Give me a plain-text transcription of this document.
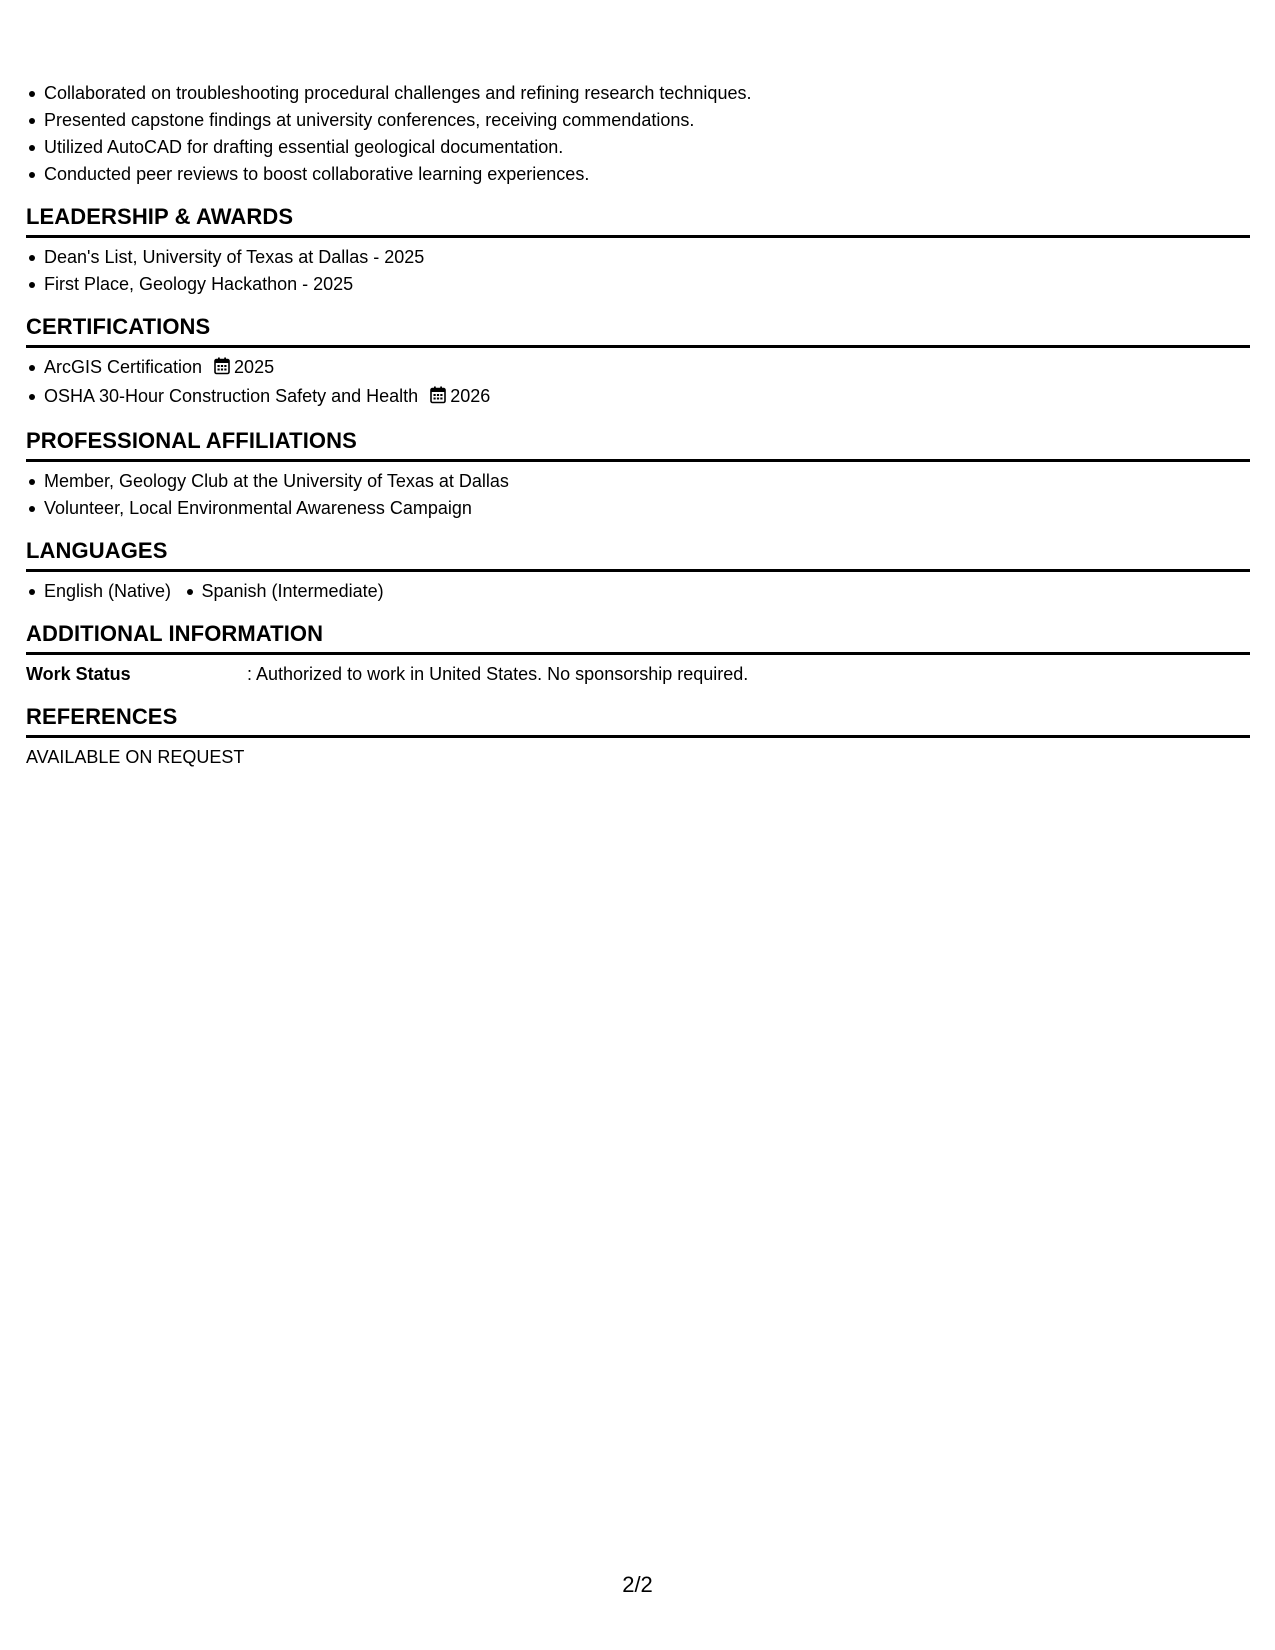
Collaborated on troubleshooting procedural challenges and refining research techniques.
Presented capstone findings at university conferences, receiving commendations.
Utilized AutoCAD for drafting essential geological documentation.
Conducted peer reviews to boost collaborative learning experiences.
LEADERSHIP & AWARDS
Dean's List, University of Texas at Dallas - 2025
First Place, Geology Hackathon - 2025
CERTIFICATIONS
ArcGIS Certification 2025
OSHA 30-Hour Construction Safety and Health 2026
PROFESSIONAL AFFILIATIONS
Member, Geology Club at the University of Texas at Dallas
Volunteer, Local Environmental Awareness Campaign
LANGUAGES
English (Native) Spanish (Intermediate)
ADDITIONAL INFORMATION
Work Status	: Authorized to work in United States. No sponsorship required.
REFERENCES
AVAILABLE ON REQUEST
2/2
